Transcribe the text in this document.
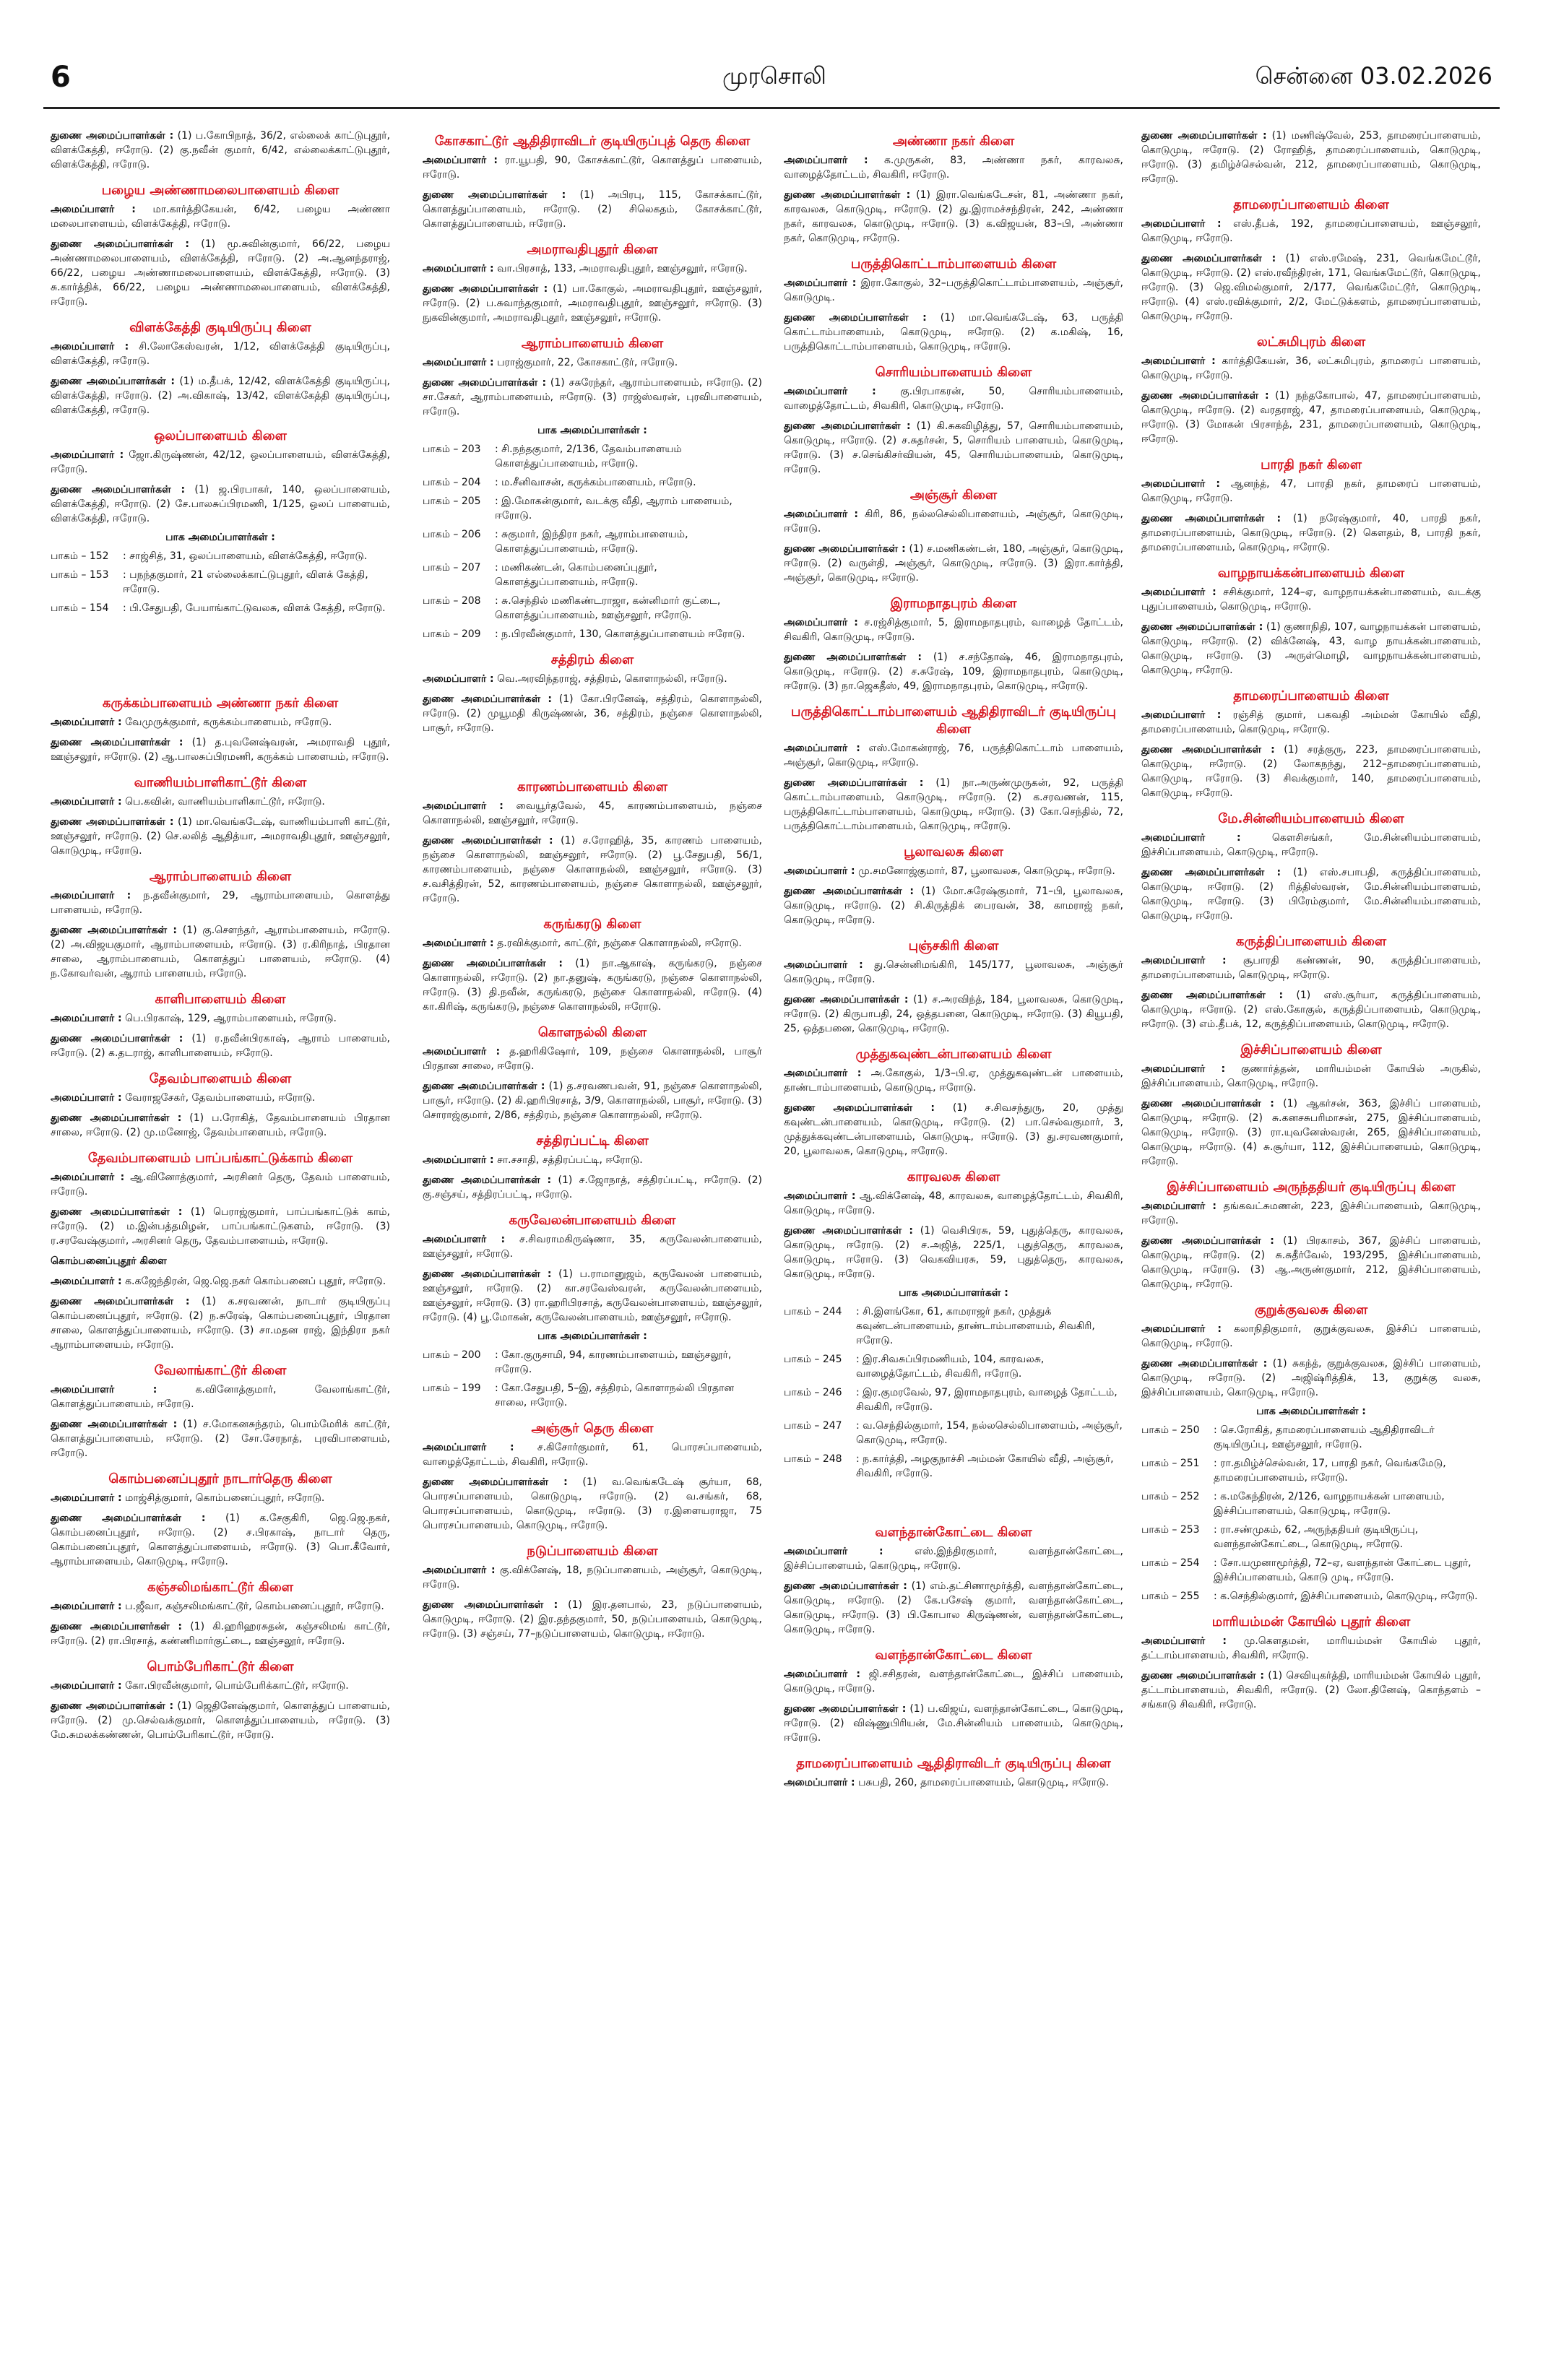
6	முரசொலி	சென்னை 03.02.2026

துணை அமைப்பாளர்கள் : (1) ப.கோபிநாத், 36/2, எல்லைக் காட்டுபுதூர், விளக்கேத்தி, ஈரோடு. (2) கு.நவீன் குமார், 6/42, எல்லைக்காட்டுபுதூர், விளக்கேத்தி, ஈரோடு.

பழைய அண்ணாமலைபாளையம் கிளை

அமைப்பாளர் : மா.கார்த்திகேயன், 6/42, பழைய அண்ணா மலைபாளையம், விளக்கேத்தி, ஈரோடு.

துணை அமைப்பாளர்கள் : (1) மூ.சுவின்குமார், 66/22, பழைய அண்ணாமலைபாளையம், விளக்கேத்தி, ஈரோடு. (2) அ.ஆனந்தராஜ், 66/22, பழைய அண்ணாமலைபாளையம், விளக்கேத்தி, ஈரோடு. (3) சு.கார்த்திக், 66/22, பழைய அண்ணாமலைபாளையம், விளக்கேத்தி, ஈரோடு.

விளக்கேத்தி குடியிருப்பு கிளை

அமைப்பாளர் : சி.லோகேஸ்வரன், 1/12, விளக்கேத்தி குடியிருப்பு, விளக்கேத்தி, ஈரோடு.

துணை அமைப்பாளர்கள் : (1) ம.தீபக், 12/42, விளக்கேத்தி குடியிருப்பு, விளக்கேத்தி, ஈரோடு. (2) அ.விகாஷ், 13/42, விளக்கேத்தி குடியிருப்பு, விளக்கேத்தி, ஈரோடு.

ஒலப்பாளையம் கிளை

அமைப்பாளர் : ஜோ.கிருஷ்ணன், 42/12, ஒலப்பாளையம், விளக்கேத்தி, ஈரோடு.

துணை அமைப்பாளர்கள் : (1) ஜ.பிரபாகர், 140, ஒலப்பாளையம், விளக்கேத்தி, ஈரோடு. (2) சே.பாலசுப்பிரமணி, 1/125, ஒலப் பாளையம், விளக்கேத்தி, ஈரோடு.

பாக அமைப்பாளர்கள் :
பாகம் – 152	: சாஜ்சித், 31, ஒலப்பாளையம், விளக்கேத்தி, ஈரோடு.
பாகம் – 153	: பநந்தகுமார், 21 எல்லைக்காட்டுபுதூர், விளக் கேத்தி, ஈரோடு.
பாகம் – 154	: பி.சேதுபதி, பேயாங்காட்டுவலசு, விளக் கேத்தி, ஈரோடு.
கருக்கம்பாளையம் அண்ணா நகர் கிளை

அமைப்பாளர் : வேமுருக்குமார், கருக்கம்பாளையம், ஈரோடு.

துணை அமைப்பாளர்கள் : (1) த.புவனேஷ்வரன், அமராவதி புதூர், ஊஞ்சலூர், ஈரோடு. (2) ஆ.பாலசுப்பிரமணி, கருக்கம் பாளையம், ஈரோடு.

வாணியம்பாளிகாட்டூர் கிளை

அமைப்பாளர் : பெ.கவின், வாணியம்பாளிகாட்டூர், ஈரோடு.

துணை அமைப்பாளர்கள் : (1) மா.வெங்கடேஷ், வாணியம்பாளி காட்டூர், ஊஞ்சலூர், ஈரோடு. (2) செ.லலித் ஆதித்யா, அமராவதிபுதூர், ஊஞ்சலூர், கொடுமுடி, ஈரோடு.

ஆராம்பாளையம் கிளை

அமைப்பாளர் : ந.தவீன்குமார், 29, ஆராம்பாளையம், கொளத்து பாளையம், ஈரோடு.

துணை அமைப்பாளர்கள் : (1) கு.சௌந்தர், ஆராம்பாளையம், ஈரோடு. (2) அ.விஜயகுமார், ஆராம்பாளையம், ஈரோடு. (3) ர.கிரிநாத், பிரதான சாலை, ஆராம்பாளையம், கொளத்துப் பாளையம், ஈரோடு. (4) ந.கோவர்வன், ஆராம் பாளையம், ஈரோடு.

காளிபாளையம் கிளை

அமைப்பாளர் : பெ.பிரகாஷ், 129, ஆராம்பாளையம், ஈரோடு.

துணை அமைப்பாளர்கள் : (1) ர.நவீன்பிரகாஷ், ஆராம் பாளையம், ஈரோடு. (2) க.தடராஜ், காளிபாளையம், ஈரோடு.

தேவம்பாளையம் கிளை

அமைப்பாளர் : வேராஜசேகர், தேவம்பாளையம், ஈரோடு.

துணை அமைப்பாளர்கள் : (1) ப.ரோகித், தேவம்பாளையம் பிரதான சாலை, ஈரோடு. (2) மு.மனோஜ், தேவம்பாளையம், ஈரோடு.

தேவம்பாளையம் பாப்பங்காட்டுக்காம் கிளை

அமைப்பாளர் : ஆ.வினோத்குமார், அரசினர் தெரு, தேவம் பாளையம், ஈரோடு.

துணை அமைப்பாளர்கள் : (1) பெராஜ்குமார், பாப்பங்காட்டுக் காம், ஈரோடு. (2) ம.இன்பத்தமிழன், பாப்பங்காட்டுகளம், ஈரோடு. (3) ர.சரவேஷ்குமார், அரசினர் தெரு, தேவம்பாளையம், ஈரோடு.

கொம்பனைப்புதூர் கிளை

அமைப்பாளர் : க.கஜேந்திரன், ஜெ.ஜெ.நகர் கொம்பனைப் புதூர், ஈரோடு.

துணை அமைப்பாளர்கள் : (1) க.சரவணன், நாடார் குடியிருப்பு கொம்பனைப்புதூர், ஈரோடு. (2) ந.சுரேஷ், கொம்பனைப்புதூர், பிரதான சாலை, கொளத்துப்பாளையம், ஈரோடு. (3) சா.மதன ராஜ், இந்திரா நகர் ஆராம்பாளையம், ஈரோடு.

வேலாங்காட்டூர் கிளை

அமைப்பாளர் : க.வினோத்குமார், வேலாங்காட்டூர், கொளத்துப்பாளையம், ஈரோடு.

துணை அமைப்பாளர்கள் : (1) ச.மோகனசுந்தரம், பொம்மேரிக் காட்டூர், கொளத்துப்பாளையம், ஈரோடு. (2) சோ.சேரநாத், புரவிபாளையம், ஈரோடு.

கொம்பனைப்புதூர் நாடார்தெரு கிளை

அமைப்பாளர் : மாஜ்சித்குமார், கொம்பனைப்புதூர், ஈரோடு.

துணை அமைப்பாளர்கள் : (1) க.சேகுகிரி, ஜெ.ஜெ.நகர், கொம்பனைப்புதூர், ஈரோடு. (2) ச.பிரகாஷ், நாடார் தெரு, கொம்பனைப்புதூர், கொளத்துப்பாளையம், ஈரோடு. (3) பொ.கீவோர், ஆராம்பாளையம், கொடுமுடி, ஈரோடு.

கஞ்சலிமங்காட்டூர் கிளை

அமைப்பாளர் : ப.ஜீவா, கஞ்சலிமங்காட்டூர், கொம்பனைப்புதூர், ஈரோடு.

துணை அமைப்பாளர்கள் : (1) கி.ஹரிஹரசுதன், கஞ்சலிமங் காட்டூர், ஈரோடு. (2) ரா.பிரசாத், கண்ணிமார்குட்டை, ஊஞ்சலூர், ஈரோடு.

பொம்பேரிகாட்டூர் கிளை

அமைப்பாளர் : கோ.பிரவீன்குமார், பொம்பேரிக்காட்டூர், ஈரோடு.

துணை அமைப்பாளர்கள் : (1) ஜெதினேஷ்குமார், கொளத்துப் பாளையம், ஈரோடு. (2) மு.செல்வக்குமார், கொளத்துப்பாளையம், ஈரோடு. (3) மே.சுமலக்கண்ணன், பொம்பேரிகாட்டூர், ஈரோடு.

கோசகாட்டூர் ஆதிதிராவிடர் குடியிருப்புத் தெரு கிளை

அமைப்பாளர் : ரா.யூபதி, 90, கோசக்காட்டூர், கொளத்துப் பாளையம், ஈரோடு.

துணை அமைப்பாளர்கள் : (1) அபிரபு, 115, கோசக்காட்டூர், கொளத்துப்பாளையம், ஈரோடு. (2) சிலெகதம், கோசக்காட்டூர், கொளத்துப்பாளையம், ஈரோடு.

அமராவதிபுதூர் கிளை

அமைப்பாளர் : வா.பிரசாத், 133, அமராவதிபுதூர், ஊஞ்சலூர், ஈரோடு.

துணை அமைப்பாளர்கள் : (1) பா.கோகுல், அமராவதிபுதூர், ஊஞ்சலூர், ஈரோடு. (2) ப.சுவாந்தகுமார், அமராவதிபுதூர், ஊஞ்சலூர், ஈரோடு. (3) நுகவின்குமார், அமராவதிபுதூர், ஊஞ்சலூர், ஈரோடு.

ஆராம்பாளையம் கிளை

அமைப்பாளர் : பராஜ்குமார், 22, கோசகாட்டூர், ஈரோடு.

துணை அமைப்பாளர்கள் : (1) சசுரேந்தர், ஆராம்பாளையம், ஈரோடு. (2) சா.சேகர், ஆராம்பாளையம், ஈரோடு. (3) ராஜ்ஸ்வரன், புரவிபாளையம், ஈரோடு.

பாக அமைப்பாளர்கள் :
பாகம் – 203	: சி.நந்தகுமார், 2/136, தேவம்பாளையம் கொளத்துப்பாளையம், ஈரோடு.
பாகம் – 204	: ம.சீனிவாசன், கருக்கம்பாளையம், ஈரோடு.
பாகம் – 205	: இ.மோகன்குமார், வடக்கு வீதி, ஆராம் பாளையம், ஈரோடு.
பாகம் – 206	: சுகுமார், இந்திரா நகர், ஆராம்பாளையம், கொளத்துப்பாளையம், ஈரோடு.
பாகம் – 207	: மணிகண்டன், கொம்பனைப்புதூர், கொளத்துப்பாளையம், ஈரோடு.
பாகம் – 208	: சு.செந்தில் மணிகண்டராஜா, கன்னிமார் குட்டை, கொளத்துப்பாளையம், ஊஞ்சலூர், ஈரோடு.
பாகம் – 209	: ந.பிரவீன்குமார், 130, கொளத்துப்பாளையம் ஈரோடு.
சத்திரம் கிளை

அமைப்பாளர் : வெ.அரவிந்தராஜ், சத்திரம், கொளாநல்லி, ஈரோடு.

துணை அமைப்பாளர்கள் : (1) கோ.பிரனேஷ், சத்திரம், கொளாநல்லி, ஈரோடு. (2) முயூமதி கிருஷ்ணன், 36, சத்திரம், நஞ்சை கொளாநல்லி, பாசூர், ஈரோடு.

காரணம்பாளையம் கிளை

அமைப்பாளர் : வையூர்தவேல், 45, காரணம்பாளையம், நஞ்சை கொளாநல்லி, ஊஞ்சலூர், ஈரோடு.

துணை அமைப்பாளர்கள் : (1) ச.ரோஹித், 35, காரணம் பாளையம், நஞ்சை கொளாநல்லி, ஊஞ்சலூர், ஈரோடு. (2) பூ.சேதுபதி, 56/1, காரணம்பாளையம், நஞ்சை கொளாநல்லி, ஊஞ்சலூர், ஈரோடு. (3) ச.வசித்திரன், 52, காரணம்பாளையம், நஞ்சை கொளாநல்லி, ஊஞ்சலூர், ஈரோடு.

கருங்கரடு கிளை

அமைப்பாளர் : த.ரவிக்குமார், காட்டூர், நஞ்சை கொளாநல்லி, ஈரோடு.

துணை அமைப்பாளர்கள் : (1) நா.ஆகாஷ், கருங்கரடு, நஞ்சை கொளாநல்லி, ஈரோடு. (2) நா.தனுஷ், கருங்கரடு, நஞ்சை கொளாநல்லி, ஈரோடு. (3) தி.நவீன், கருங்கரடு, நஞ்சை கொளாநல்லி, ஈரோடு. (4) கா.கிரிஷ், கருங்கரடு, நஞ்சை கொளாநல்லி, ஈரோடு.

கொளநல்லி கிளை

அமைப்பாளர் : த.ஹரிகிஷோர், 109, நஞ்சை கொளாநல்லி, பாசூர் பிரதான சாலை, ஈரோடு.

துணை அமைப்பாளர்கள் : (1) த.சரவணபவன், 91, நஞ்சை கொளாநல்லி, பாசூர், ஈரோடு. (2) கி.ஹரிபிரசாத், 3/9, கொளாநல்லி, பாசூர், ஈரோடு. (3) சொராஜ்குமார், 2/86, சத்திரம், நஞ்சை கொளாநல்லி, ஈரோடு.

சத்திரப்பட்டி கிளை

அமைப்பாளர் : சா.சசாதி, சத்திரப்பட்டி, ஈரோடு.

துணை அமைப்பாளர்கள் : (1) ச.ஜோநாத், சத்திரப்பட்டி, ஈரோடு. (2) கு.சஞ்சய், சத்திரப்பட்டி, ஈரோடு.

கருவேலன்பாளையம் கிளை

அமைப்பாளர் : ச.சிவராமகிருஷ்ணா, 35, கருவேலன்பாளையம், ஊஞ்சலூர், ஈரோடு.

துணை அமைப்பாளர்கள் : (1) ப.ராமானுஜம், கருவேலன் பாளையம், ஊஞ்சலூர், ஈரோடு. (2) கா.சரவேஸ்வரன், கருவேலன்பாளையம், ஊஞ்சலூர், ஈரோடு. (3) ரா.ஹரிபிரசாத், கருவேலன்பாளையம், ஊஞ்சலூர், ஈரோடு. (4) பூ.மோகன், கருவேலன்பாளையம், ஊஞ்சலூர், ஈரோடு.

பாக அமைப்பாளர்கள் :
பாகம் – 200	: கோ.குருசாமி, 94, காரணம்பாளையம், ஊஞ்சலூர், ஈரோடு.
பாகம் – 199	: கோ.சேதுபதி, 5–இ, சத்திரம், கொளாநல்லி பிரதான சாலை, ஈரோடு.
அஞ்சூர் தெரு கிளை

அமைப்பாளர் : ச.கிசோர்குமார், 61, பொரசப்பாளையம், வாழைத்தோட்டம், சிவகிரி, ஈரோடு.

துணை அமைப்பாளர்கள் : (1) வ.வெங்கடேஷ் சூர்யா, 68, பொரசப்பாளையம், கொடுமுடி, ஈரோடு. (2) வ.சங்கர், 68, பொரசப்பாளையம், கொடுமுடி, ஈரோடு. (3) ர.இளையராஜா, 75 பொரசப்பாளையம், கொடுமுடி, ஈரோடு.

நடுப்பாளையம் கிளை

அமைப்பாளர் : கு.விக்னேஷ், 18, நடுப்பாளையம், அஞ்சூர், கொடுமுடி, ஈரோடு.

துணை அமைப்பாளர்கள் : (1) இர.தனபால், 23, நடுப்பாளையம், கொடுமுடி, ஈரோடு. (2) இர.தந்தகுமார், 50, நடுப்பாளையம், கொடுமுடி, ஈரோடு. (3) சஞ்சய், 77–நடுப்பாளையம், கொடுமுடி, ஈரோடு.

அண்ணா நகர் கிளை

அமைப்பாளர் : க.முருகன், 83, அண்ணா நகர், காரவலசு, வாழைத்தோட்டம், சிவகிரி, ஈரோடு.

துணை அமைப்பாளர்கள் : (1) இரா.வெங்கடேசன், 81, அண்ணா நகர், காரவலசு, கொடுமுடி, ஈரோடு. (2) து.இராமச்சந்திரன், 242, அண்ணா நகர், காரவலசு, கொடுமுடி, ஈரோடு. (3) க.விஜயன், 83–பி, அண்ணா நகர், கொடுமுடி, ஈரோடு.

பருத்திகொட்டாம்பாளையம் கிளை

அமைப்பாளர் : இரா.கோகுல், 32–பருத்திகொட்டாம்பாளையம், அஞ்சூர், கொடுமுடி.

துணை அமைப்பாளர்கள் : (1) மா.வெங்கடேஷ், 63, பருத்தி கொட்டாம்பாளையம், கொடுமுடி, ஈரோடு. (2) க.மகிஷ், 16, பருத்திகொட்டாம்பாளையம், கொடுமுடி, ஈரோடு.

சொரியம்பாளையம் கிளை

அமைப்பாளர் : கு.பிரபாகரன், 50, சொரியம்பாளையம், வாழைத்தோட்டம், சிவகிரி, கொடுமுடி, ஈரோடு.

துணை அமைப்பாளர்கள் : (1) கி.சுகவிழித்து, 57, சொரியம்பாளையம், கொடுமுடி, ஈரோடு. (2) ச.சுதர்சன், 5, சொரியம் பாளையம், கொடுமுடி, ஈரோடு. (3) ச.செங்கிசர்வியன், 45, சொரியம்பாளையம், கொடுமுடி, ஈரோடு.

அஞ்சூர் கிளை

அமைப்பாளர் : கிரி, 86, நல்லசெல்லிபாளையம், அஞ்சூர், கொடுமுடி, ஈரோடு.

துணை அமைப்பாளர்கள் : (1) ச.மணிகண்டன், 180, அஞ்சூர், கொடுமுடி, ஈரோடு. (2) வருள்தி, அஞ்சூர், கொடுமுடி, ஈரோடு. (3) இரா.கார்த்தி, அஞ்சூர், கொடுமுடி, ஈரோடு.

இராமநாதபுரம் கிளை

அமைப்பாளர் : ச.ரஜ்சித்குமார், 5, இராமநாதபுரம், வாழைத் தோட்டம், சிவகிரி, கொடுமுடி, ஈரோடு.

துணை அமைப்பாளர்கள் : (1) ச.சந்தோஷ், 46, இராமநாதபுரம், கொடுமுடி, ஈரோடு. (2) ச.சுரேஷ், 109, இராமநாதபுரம், கொடுமுடி, ஈரோடு. (3) நா.ஜெகதீஸ், 49, இராமநாதபுரம், கொடுமுடி, ஈரோடு.

பருத்திகொட்டாம்பாளையம் ஆதிதிராவிடர் குடியிருப்பு கிளை

அமைப்பாளர் : எஸ்.மோகன்ராஜ், 76, பருத்திகொட்டாம் பாளையம், அஞ்சூர், கொடுமுடி, ஈரோடு.

துணை அமைப்பாளர்கள் : (1) நா.அருண்முருகன், 92, பருத்தி கொட்டாம்பாளையம், கொடுமுடி, ஈரோடு. (2) க.சரவணன், 115, பருத்திகொட்டாம்பாளையம், கொடுமுடி, ஈரோடு. (3) கோ.செந்தில், 72, பருத்திகொட்டாம்பாளையம், கொடுமுடி, ஈரோடு.

பூலாவலசு கிளை

அமைப்பாளர் : மு.சமனோஜ்குமார், 87, பூலாவலசு, கொடுமுடி, ஈரோடு.

துணை அமைப்பாளர்கள் : (1) மோ.சுரேஷ்குமார், 71–பி, பூலாவலசு, கொடுமுடி, ஈரோடு. (2) சி.கிருத்திக் பைரவன், 38, காமராஜ் நகர், கொடுமுடி, ஈரோடு.

புஞ்சகிரி கிளை

அமைப்பாளர் : து.சென்னிமங்கிரி, 145/177, பூலாவலசு, அஞ்சூர் கொடுமுடி, ஈரோடு.

துணை அமைப்பாளர்கள் : (1) ச.அரவிந்த், 184, பூலாவலசு, கொடுமுடி, ஈரோடு. (2) கிருபாபதி, 24, ஒத்தபனை, கொடுமுடி, ஈரோடு. (3) கியூபதி, 25, ஒத்தபனை, கொடுமுடி, ஈரோடு.

முத்துகவுண்டன்பாளையம் கிளை

அமைப்பாளர் : அ.கோகுல், 1/3–பி.ஏ, முத்துகவுண்டன் பாளையம், தாண்டாம்பாளையம், கொடுமுடி, ஈரோடு.

துணை அமைப்பாளர்கள் : (1) ச.சிவசந்துரு, 20, முத்து கவுண்டன்பாளையம், கொடுமுடி, ஈரோடு. (2) பா.செல்வகுமார், 3, முத்துக்கவுண்டன்பாளையம், கொடுமுடி, ஈரோடு. (3) து.சரவணகுமார், 20, பூலாவலசு, கொடுமுடி, ஈரோடு.

காரவலசு கிளை

அமைப்பாளர் : ஆ.விக்னேஷ், 48, காரவலசு, வாழைத்தோட்டம், சிவகிரி, கொடுமுடி, ஈரோடு.

துணை அமைப்பாளர்கள் : (1) வெசிபிரசு, 59, புதுத்தெரு, காரவலசு, கொடுமுடி, ஈரோடு. (2) ச.அஜித், 225/1, புதுத்தெரு, காரவலசு, கொடுமுடி, ஈரோடு. (3) வெகவியரசு, 59, புதுத்தெரு, காரவலசு, கொடுமுடி, ஈரோடு.

பாக அமைப்பாளர்கள் :
பாகம் – 244	: சி.இளங்கோ, 61, காமராஜர் நகர், முத்துக் கவுண்டன்பாளையம், தாண்டாம்பாளையம், சிவகிரி, ஈரோடு.
பாகம் – 245	: இர.சிவசுப்பிரமணியம், 104, காரவலசு, வாழைத்தோட்டம், சிவகிரி, ஈரோடு.
பாகம் – 246	: இர.குமரவேல், 97, இராமநாதபுரம், வாழைத் தோட்டம், சிவகிரி, ஈரோடு.
பாகம் – 247	: வ.செந்தில்குமார், 154, நல்லசெல்லிபாளையம், அஞ்சூர், கொடுமுடி, ஈரோடு.
பாகம் – 248	: ந.கார்த்தி, அழகுநாச்சி அம்மன் கோயில் வீதி, அஞ்சூர், சிவகிரி, ஈரோடு.
வளந்தான்கோட்டை கிளை

அமைப்பாளர் : எஸ்.இந்திரகுமார், வளந்தான்கோட்டை, இச்சிப்பாளையம், கொடுமுடி, ஈரோடு.

துணை அமைப்பாளர்கள் : (1) எம்.தட்சிணாமூர்த்தி, வளந்தான்கோட்டை, கொடுமுடி, ஈரோடு. (2) கே.பசேஷ் குமார், வளந்தான்கோட்டை, கொடுமுடி, ஈரோடு. (3) பி.கோபால கிருஷ்ணன், வளந்தான்கோட்டை, கொடுமுடி, ஈரோடு.

வளந்தான்கோட்டை கிளை

அமைப்பாளர் : ஜி.சசிதரன், வளந்தான்கோட்டை, இச்சிப் பாளையம், கொடுமுடி, ஈரோடு.

துணை அமைப்பாளர்கள் : (1) ப.விஜய், வளந்தான்கோட்டை, கொடுமுடி, ஈரோடு. (2) விஷ்ணுபிரியன், மே.சின்னியம் பாளையம், கொடுமுடி, ஈரோடு.

தாமரைப்பாளையம் ஆதிதிராவிடர் குடியிருப்பு கிளை

அமைப்பாளர் : பசுபதி, 260, தாமரைப்பாளையம், கொடுமுடி, ஈரோடு.

துணை அமைப்பாளர்கள் : (1) மணிஷ்வேல், 253, தாமரைப்பாளையம், கொடுமுடி, ஈரோடு. (2) ரோஹித், தாமரைப்பாளையம், கொடுமுடி, ஈரோடு. (3) தமிழ்ச்செல்வன், 212, தாமரைப்பாளையம், கொடுமுடி, ஈரோடு.

தாமரைப்பாளையம் கிளை

அமைப்பாளர் : எஸ்.தீபக், 192, தாமரைப்பாளையம், ஊஞ்சலூர், கொடுமுடி, ஈரோடு.

துணை அமைப்பாளர்கள் : (1) எஸ்.ரமேஷ், 231, வெங்கமேட்டூர், கொடுமுடி, ஈரோடு. (2) எஸ்.ரவீந்திரன், 171, வெங்கமேட்டூர், கொடுமுடி, ஈரோடு. (3) ஜெ.விமல்குமார், 2/177, வெங்கமேட்டூர், கொடுமுடி, ஈரோடு. (4) எஸ்.ரவிக்குமார், 2/2, மேட்டுக்களம், தாமரைப்பாளையம், கொடுமுடி, ஈரோடு.

லட்சுமிபுரம் கிளை

அமைப்பாளர் : கார்த்திகேயன், 36, லட்சுமிபுரம், தாமரைப் பாளையம், கொடுமுடி, ஈரோடு.

துணை அமைப்பாளர்கள் : (1) நந்தகோபால், 47, தாமரைப்பாளையம், கொடுமுடி, ஈரோடு. (2) வரதராஜ், 47, தாமரைப்பாளையம், கொடுமுடி, ஈரோடு. (3) மோகன் பிரசாந்த், 231, தாமரைப்பாளையம், கொடுமுடி, ஈரோடு.

பாரதி நகர் கிளை

அமைப்பாளர் : ஆனந்த், 47, பாரதி நகர், தாமரைப் பாளையம், கொடுமுடி, ஈரோடு.

துணை அமைப்பாளர்கள் : (1) நரேஷ்குமார், 40, பாரதி நகர், தாமரைப்பாளையம், கொடுமுடி, ஈரோடு. (2) கௌதம், 8, பாரதி நகர், தாமரைப்பாளையம், கொடுமுடி, ஈரோடு.

வாழநாயக்கன்பாளையம் கிளை

அமைப்பாளர் : சசிக்குமார், 124–ஏ, வாழநாயக்கன்பாளையம், வடக்கு புதுப்பாளையம், கொடுமுடி, ஈரோடு.

துணை அமைப்பாளர்கள் : (1) குணாநிதி, 107, வாழநாயக்கன் பாளையம், கொடுமுடி, ஈரோடு. (2) விக்னேஷ், 43, வாழ நாயக்கன்பாளையம், கொடுமுடி, ஈரோடு. (3) அருள்மொழி, வாழநாயக்கன்பாளையம், கொடுமுடி, ஈரோடு.

தாமரைப்பாளையம் கிளை

அமைப்பாளர் : ரஞ்சித் குமார், பகவதி அம்மன் கோயில் வீதி, தாமரைப்பாளையம், கொடுமுடி, ஈரோடு.

துணை அமைப்பாளர்கள் : (1) சரத்குரு, 223, தாமரைப்பாளையம், கொடுமுடி, ஈரோடு. (2) லோகநந்து, 212–தாமரைப்பாளையம், கொடுமுடி, ஈரோடு. (3) சிவக்குமார், 140, தாமரைப்பாளையம், கொடுமுடி, ஈரோடு.

மே.சின்னியம்பாளையம் கிளை

அமைப்பாளர் : கௌசிசங்கர், மே.சின்னியம்பாளையம், இச்சிப்பாளையம், கொடுமுடி, ஈரோடு.

துணை அமைப்பாளர்கள் : (1) எஸ்.சபாபதி, கருத்திப்பாளையம், கொடுமுடி, ஈரோடு. (2) ரித்திஸ்வரன், மே.சின்னியம்பாளையம், கொடுமுடி, ஈரோடு. (3) பிரேம்குமார், மே.சின்னியம்பாளையம், கொடுமுடி, ஈரோடு.

கருத்திப்பாளையம் கிளை

அமைப்பாளர் : சூபாரதி கண்ணன், 90, கருத்திப்பாளையம், தாமரைப்பாளையம், கொடுமுடி, ஈரோடு.

துணை அமைப்பாளர்கள் : (1) எஸ்.சூர்யா, கருத்திப்பாளையம், கொடுமுடி, ஈரோடு. (2) எஸ்.கோகுல், கருத்திப்பாளையம், கொடுமுடி, ஈரோடு. (3) எம்.தீபக், 12, கருத்திப்பாளையம், கொடுமுடி, ஈரோடு.

இச்சிப்பாளையம் கிளை

அமைப்பாளர் : குணார்த்தன், மாரியம்மன் கோயில் அருகில், இச்சிப்பாளையம், கொடுமுடி, ஈரோடு.

துணை அமைப்பாளர்கள் : (1) ஆகர்சன், 363, இச்சிப் பாளையம், கொடுமுடி, ஈரோடு. (2) சு.கனசசுபரிமாசன், 275, இச்சிப்பாளையம், கொடுமுடி, ஈரோடு. (3) ரா.யுவனேஸ்வரன், 265, இச்சிப்பாளையம், கொடுமுடி, ஈரோடு. (4) சு.சூர்யா, 112, இச்சிப்பாளையம், கொடுமுடி, ஈரோடு.

இச்சிப்பாளையம் அருந்ததியர் குடியிருப்பு கிளை

அமைப்பாளர் : தங்கவட்சுமணன், 223, இச்சிப்பாளையம், கொடுமுடி, ஈரோடு.

துணை அமைப்பாளர்கள் : (1) பிரகாசம், 367, இச்சிப் பாளையம், கொடுமுடி, ஈரோடு. (2) சு.சுதீர்வேல், 193/295, இச்சிப்பாளையம், கொடுமுடி, ஈரோடு. (3) ஆ.அருண்குமார், 212, இச்சிப்பாளையம், கொடுமுடி, ஈரோடு.

குறுக்குவலசு கிளை

அமைப்பாளர் : கலாநிதிகுமார், குறுக்குவலசு, இச்சிப் பாளையம், கொடுமுடி, ஈரோடு.

துணை அமைப்பாளர்கள் : (1) சுகந்த், குறுக்குவலசு, இச்சிப் பாளையம், கொடுமுடி, ஈரோடு. (2) அஜிஷ்ரித்திக், 13, குறுக்கு வலசு, இச்சிப்பாளையம், கொடுமுடி, ஈரோடு.

பாக அமைப்பாளர்கள் :
பாகம் – 250	: செ.ரோகித், தாமரைப்பாளையம் ஆதிதிராவிடர் குடியிருப்பு, ஊஞ்சலூர், ஈரோடு.
பாகம் – 251	: ரா.தமிழ்ச்செல்வன், 17, பாரதி நகர், வெங்கமேடு, தாமரைப்பாளையம், ஈரோடு.
பாகம் – 252	: க.மகேந்திரன், 2/126, வாழநாயக்கன் பாளையம், இச்சிப்பாளையம், கொடுமுடி, ஈரோடு.
பாகம் – 253	: ரா.சண்முகம், 62, அருந்ததியர் குடியிருப்பு, வளந்தான்கோட்டை, கொடுமுடி, ஈரோடு.
பாகம் – 254	: சோ.யமுனாமூர்த்தி, 72–ஏ, வளந்தான் கோட்டை புதூர், இச்சிப்பாளையம், கொடு முடி, ஈரோடு.
பாகம் – 255	: க.செந்தில்குமார், இச்சிப்பாளையம், கொடுமுடி, ஈரோடு.
மாரியம்மன் கோயில் புதூர் கிளை

அமைப்பாளர் : மு.கௌதமன், மாரியம்மன் கோயில் புதூர், தட்டாம்பாளையம், சிவகிரி, ஈரோடு.

துணை அமைப்பாளர்கள் : (1) செவியுகர்த்தி, மாரியம்மன் கோயில் புதூர், தட்டாம்பாளையம், சிவகிரி, ஈரோடு. (2) லோ.தினேஷ், கொந்தளம் – சங்காடு சிவகிரி, ஈரோடு.
